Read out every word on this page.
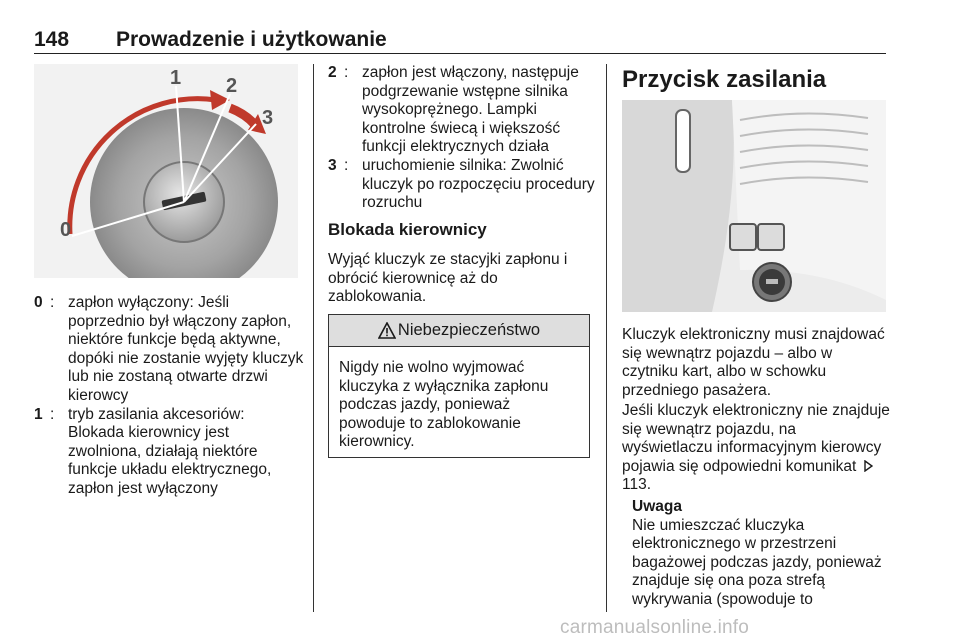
148 Prowadzenie i użytkowanie
0
1 2
3
0 : zapłon wyłączony: Jeśli poprzednio był włączony zapłon, niektóre funkcje będą aktywne, dopóki nie zostanie wyjęty kluczyk lub nie zostaną otwarte drzwi kierowcy
1 : tryb zasilania akcesoriów: Blokada kierownicy jest zwolniona, działają niektóre funkcje układu elektrycznego, zapłon jest wyłączony
2 : zapłon jest włączony, następuje podgrzewanie wstępne silnika wysokoprężnego. Lampki kontrolne świecą i większość funkcji elektrycznych działa
3 : uruchomienie silnika: Zwolnić kluczyk po rozpoczęciu procedury rozruchu
Blokada kierownicy
Wyjąć kluczyk ze stacyjki zapłonu i obrócić kierownicę aż do zablokowania.
Niebezpieczeństwo
Nigdy nie wolno wyjmować kluczyka z wyłącznika zapłonu podczas jazdy, ponieważ powoduje to zablokowanie kierownicy.
Przycisk zasilania
Kluczyk elektroniczny musi znajdować się wewnątrz pojazdu – albo w czytniku kart, albo w schowku przedniego pasażera.
Jeśli kluczyk elektroniczny nie znajduje się wewnątrz pojazdu, na wyświetlaczu informacyjnym kierowcy pojawia się odpowiedni komunikat  113.
Uwaga
Nie umieszczać kluczyka elektronicznego w przestrzeni bagażowej podczas jazdy, ponieważ znajduje się ona poza strefą wykrywania (spowoduje to
carmanualsonline.info
